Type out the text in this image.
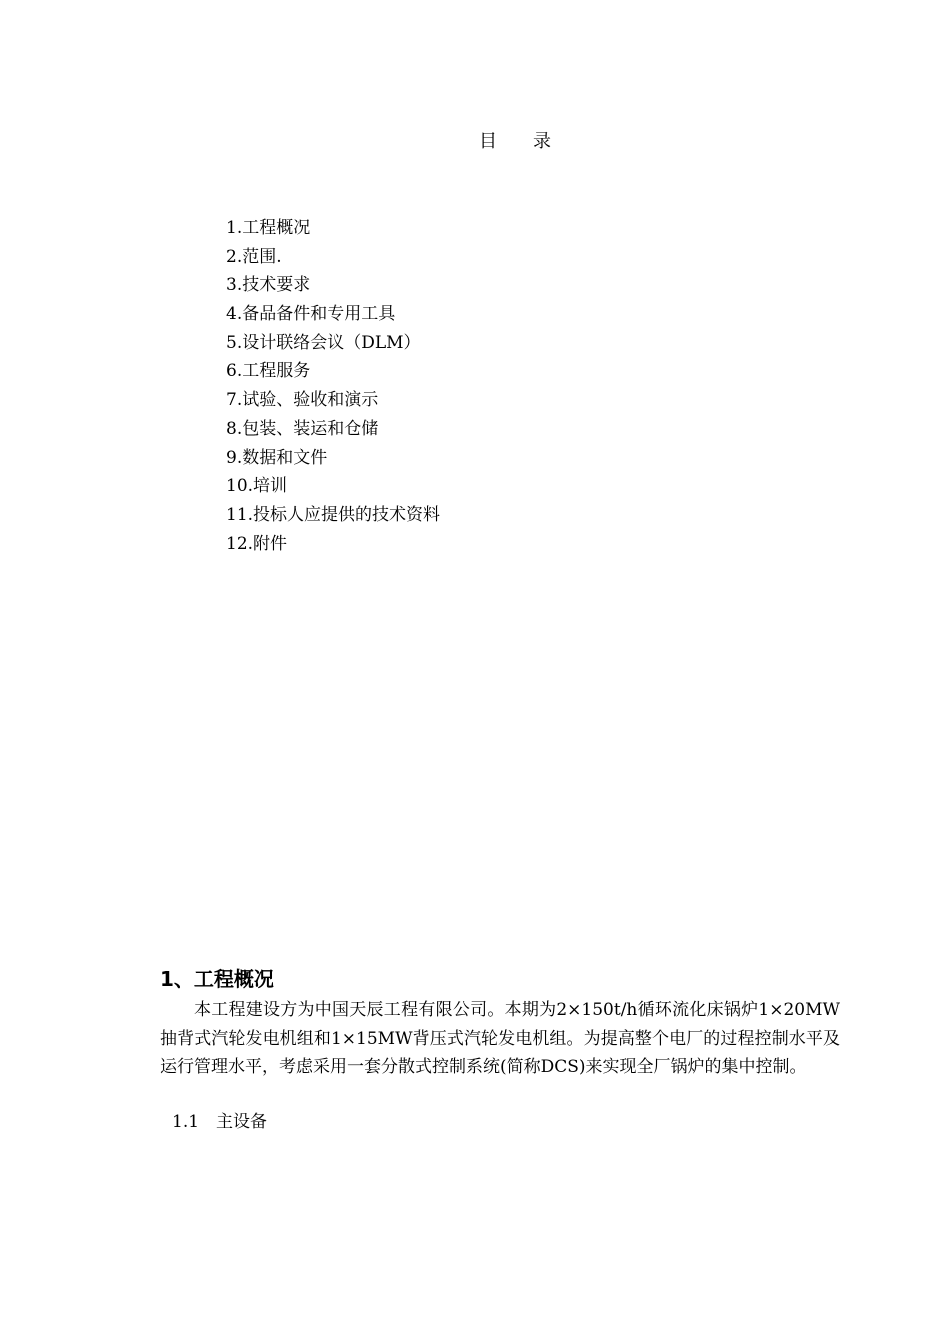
目　　录
1.工程概况
2.范围.
3.技术要求
4.备品备件和专用工具
5.设计联络会议（DLM）
6.工程服务
7.试验、验收和演示
8.包装、装运和仓储
9.数据和文件
10.培训
11.投标人应提供的技术资料
12.附件
1、工程概况

本工程建设方为中国天辰工程有限公司。本期为2×150t/h循环流化床锅炉1×20MW抽背式汽轮发电机组和1×15MW背压式汽轮发电机组。为提高整个电厂的过程控制水平及运行管理水平，考虑采用一套分散式控制系统(简称DCS)来实现全厂锅炉的集中控制。

1.1　主设备
